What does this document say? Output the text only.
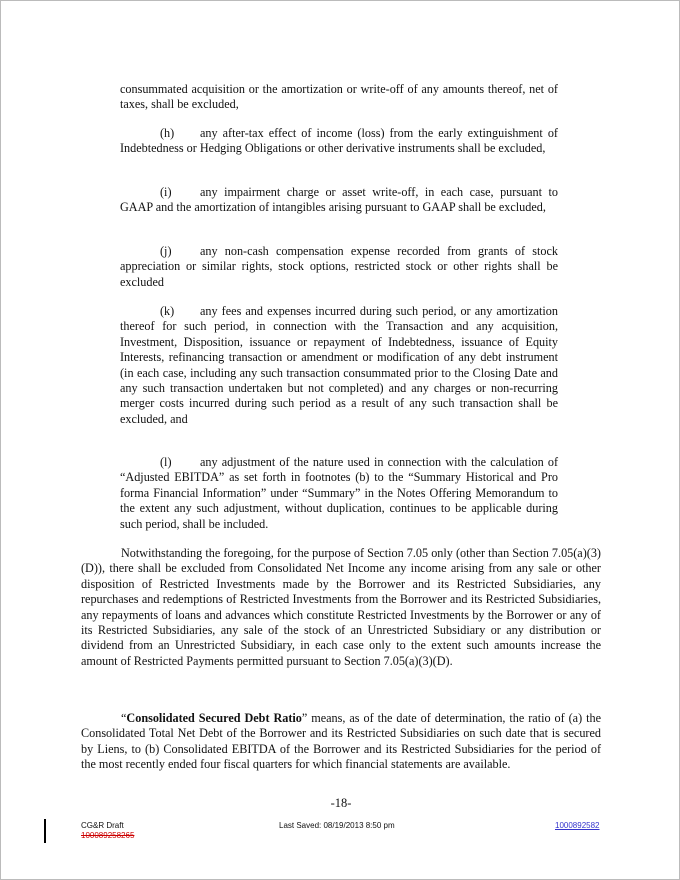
consummated acquisition or the amortization or write-off of any amounts thereof, net of taxes, shall be excluded,

(h) any after-tax effect of income (loss) from the early extinguishment of Indebtedness or Hedging Obligations or other derivative instruments shall be excluded,

(i) any impairment charge or asset write-off, in each case, pursuant to GAAP and the amortization of intangibles arising pursuant to GAAP shall be excluded,

(j) any non-cash compensation expense recorded from grants of stock appreciation or similar rights, stock options, restricted stock or other rights shall be excluded

(k) any fees and expenses incurred during such period, or any amortization thereof for such period, in connection with the Transaction and any acquisition, Investment, Disposition, issuance or repayment of Indebtedness, issuance of Equity Interests, refinancing transaction or amendment or modification of any debt instrument (in each case, including any such transaction consummated prior to the Closing Date and any such transaction undertaken but not completed) and any charges or non-recurring merger costs incurred during such period as a result of any such transaction shall be excluded, and

(l) any adjustment of the nature used in connection with the calculation of “Adjusted EBITDA” as set forth in footnotes (b) to the “Summary Historical and Pro forma Financial Information” under “Summary” in the Notes Offering Memorandum to the extent any such adjustment, without duplication, continues to be applicable during such period, shall be included.

Notwithstanding the foregoing, for the purpose of Section 7.05 only (other than Section 7.05(a)(3)(D)), there shall be excluded from Consolidated Net Income any income arising from any sale or other disposition of Restricted Investments made by the Borrower and its Restricted Subsidiaries, any repurchases and redemptions of Restricted Investments from the Borrower and its Restricted Subsidiaries, any repayments of loans and advances which constitute Restricted Investments by the Borrower or any of its Restricted Subsidiaries, any sale of the stock of an Unrestricted Subsidiary or any distribution or dividend from an Unrestricted Subsidiary, in each case only to the extent such amounts increase the amount of Restricted Payments permitted pursuant to Section 7.05(a)(3)(D).

“Consolidated Secured Debt Ratio” means, as of the date of determination, the ratio of (a) the Consolidated Total Net Debt of the Borrower and its Restricted Subsidiaries on such date that is secured by Liens, to (b) Consolidated EBITDA of the Borrower and its Restricted Subsidiaries for the period of the most recently ended four fiscal quarters for which financial statements are available.

-18-
CG&R Draft
100089258265
Last Saved: 08/19/2013 8:50 pm	1000892582
